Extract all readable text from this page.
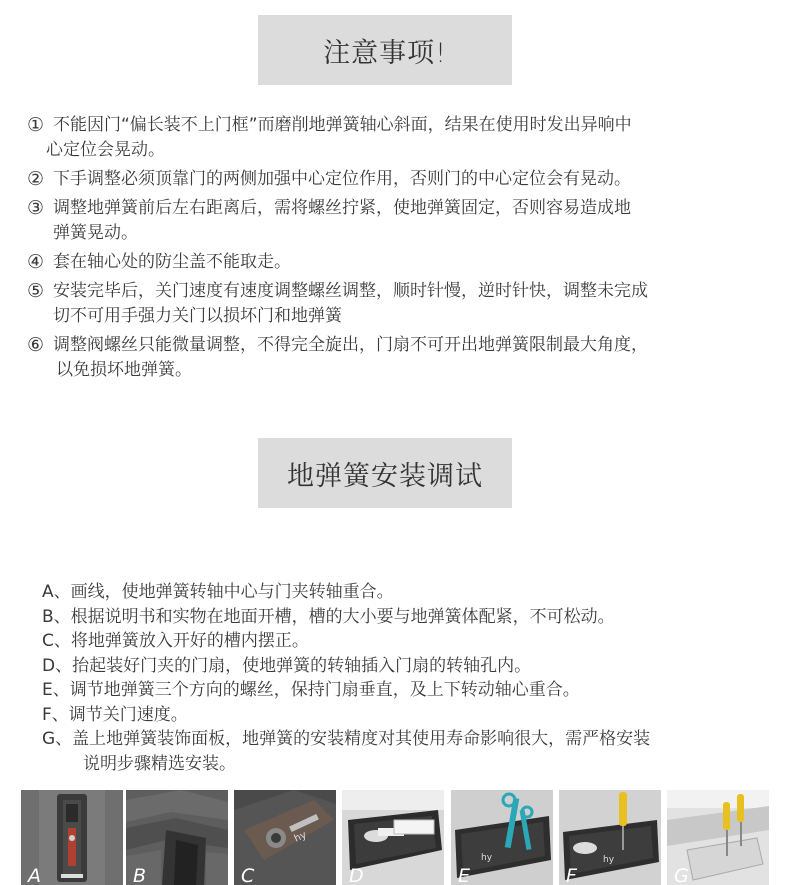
注意事项!
① 不能因门“偏长装不上门框”而磨削地弹簧轴心斜面，结果在使用时发出异响中
心定位会晃动。
② 下手调整必须顶靠门的两侧加强中心定位作用，否则门的中心定位会有晃动。
③ 调整地弹簧前后左右距离后，需将螺丝拧紧，使地弹簧固定，否则容易造成地
弹簧晃动。
④ 套在轴心处的防尘盖不能取走。
⑤ 安装完毕后，关门速度有速度调整螺丝调整，顺时针慢，逆时针快，调整未完成
切不可用手强力关门以损坏门和地弹簧
⑥ 调整阀螺丝只能微量调整，不得完全旋出，门扇不可开出地弹簧限制最大角度，
以免损坏地弹簧。
地弹簧安装调试
A、画线，使地弹簧转轴中心与门夹转轴重合。
B、根据说明书和实物在地面开槽，槽的大小要与地弹簧体配紧，不可松动。
C、将地弹簧放入开好的槽内摆正。
D、抬起装好门夹的门扇，使地弹簧的转轴插入门扇的转轴孔内。
E、调节地弹簧三个方向的螺丝，保持门扇垂直，及上下转动轴心重合。
F、调节关门速度。
G、盖上地弹簧装饰面板，地弹簧的安装精度对其使用寿命影响很大，需严格安装
说明步骤精选安装。
A	B
hy
C	D
hy
E
hy
F	G
